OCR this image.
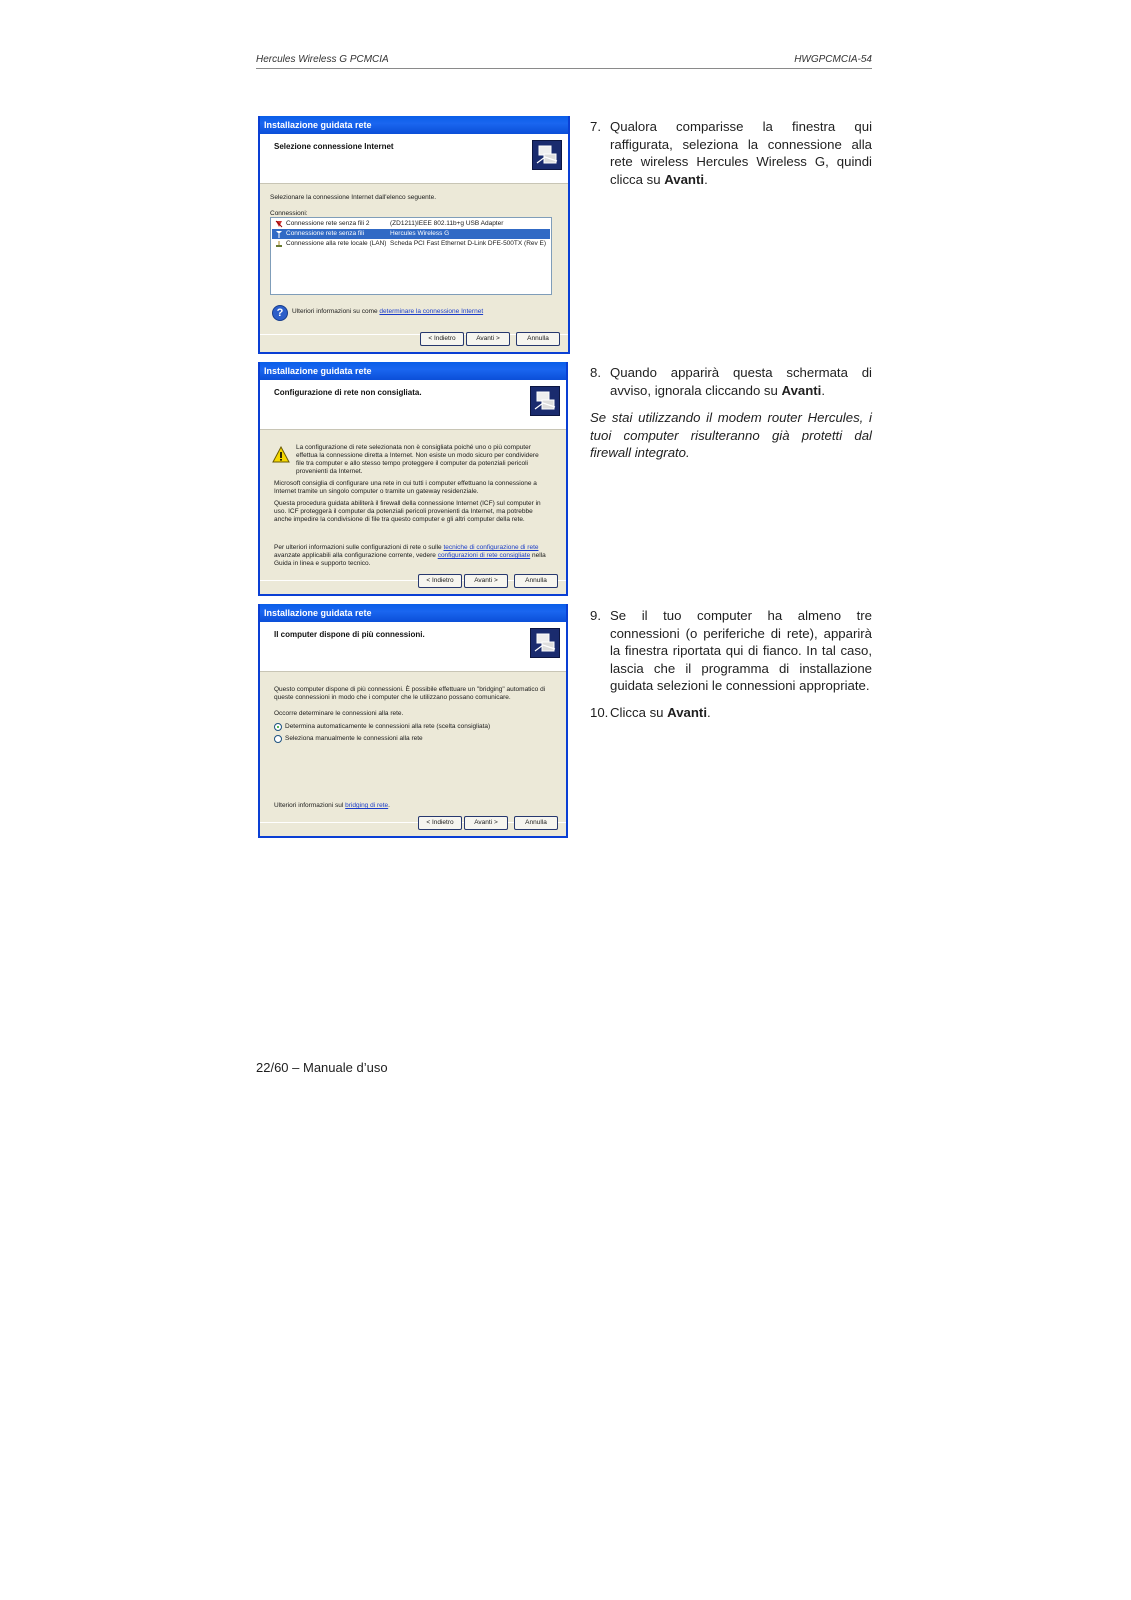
Hercules Wireless G PCMCIA	HWGPCMCIA-54
Installazione guidata rete
Selezione connessione Internet
Selezionare la connessione Internet dall'elenco seguente.
Connessioni:
Connessione rete senza fili 2	(ZD1211)IEEE 802.11b+g USB Adapter
Connessione rete senza fili	Hercules Wireless G
Connessione alla rete locale (LAN) Scheda PCI Fast Ethernet D-Link DFE-500TX (Rev E)
?	Ulteriori informazioni su come determinare la connessione Internet
< Indietro	Avanti >	Annulla
Installazione guidata rete
Configurazione di rete non consigliata.
La configurazione di rete selezionata non è consigliata poiché uno o più computer effettua la connessione diretta a Internet. Non esiste un modo sicuro per condividere file tra computer e allo stesso tempo proteggere il computer da potenziali pericoli provenienti da Internet.
Microsoft consiglia di configurare una rete in cui tutti i computer effettuano la connessione a Internet tramite un singolo computer o tramite un gateway residenziale.
Questa procedura guidata abiliterà il firewall della connessione Internet (ICF) sul computer in uso. ICF proteggerà il computer da potenziali pericoli provenienti da Internet, ma potrebbe anche impedire la condivisione di file tra questo computer e gli altri computer della rete.
Per ulteriori informazioni sulle configurazioni di rete o sulle tecniche di configurazione di rete avanzate applicabili alla configurazione corrente, vedere configurazioni di rete consigliate nella Guida in linea e supporto tecnico.
< Indietro	Avanti >	Annulla
Installazione guidata rete
Il computer dispone di più connessioni.
Questo computer dispone di più connessioni. È possibile effettuare un "bridging" automatico di queste connessioni in modo che i computer che le utilizzano possano comunicare.
Occorre determinare le connessioni alla rete.
Determina automaticamente le connessioni alla rete (scelta consigliata)
Seleziona manualmente le connessioni alla rete
Ulteriori informazioni sul bridging di rete.
< Indietro	Avanti >	Annulla
7. Qualora comparisse la finestra qui raffigurata, seleziona la connessione alla rete wireless Hercules Wireless G, quindi clicca su Avanti.
8. Quando apparirà questa schermata di avviso, ignorala cliccando su Avanti.
Se stai utilizzando il modem router Hercules, i tuoi computer risulteranno già protetti dal firewall integrato.
9. Se il tuo computer ha almeno tre connessioni (o periferiche di rete), apparirà la finestra riportata qui di fianco. In tal caso, lascia che il programma di installazione guidata selezioni le connessioni appropriate.
10. Clicca su Avanti.
22/60 – Manuale d’uso
